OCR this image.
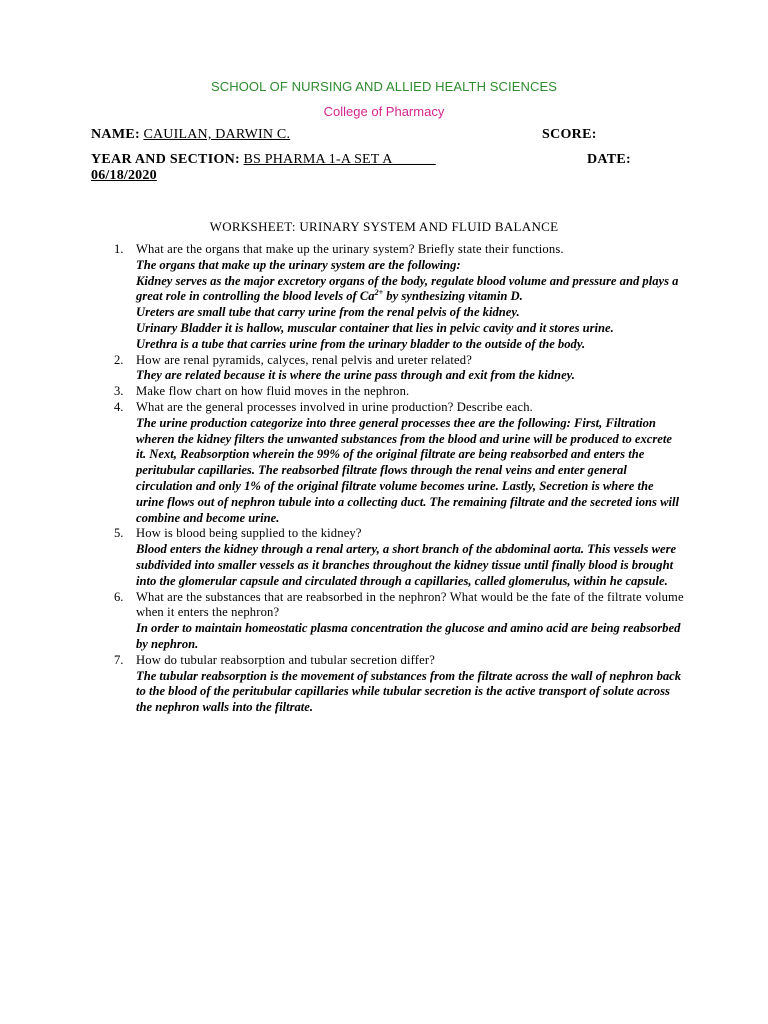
SCHOOL OF NURSING AND ALLIED HEALTH SCIENCES
College of Pharmacy
NAME: CAUILAN, DARWIN C.	SCORE:
YEAR AND SECTION: BS PHARMA 1-A SET A______	DATE:
06/18/2020
WORKSHEET: URINARY SYSTEM AND FLUID BALANCE
1. What are the organs that make up the urinary system? Briefly state their functions.
The organs that make up the urinary system are the following:
Kidney serves as the major excretory organs of the body, regulate blood volume and pressure and plays a great role in controlling the blood levels of $Ca^{2+}$ by synthesizing vitamin D.
Ureters are small tube that carry urine from the renal pelvis of the kidney.
Urinary Bladder it is hallow, muscular container that lies in pelvic cavity and it stores urine.
Urethra is a tube that carries urine from the urinary bladder to the outside of the body.
2. How are renal pyramids, calyces, renal pelvis and ureter related?
They are related because it is where the urine pass through and exit from the kidney.
3. Make flow chart on how fluid moves in the nephron.
4. What are the general processes involved in urine production? Describe each.
The urine production categorize into three general processes thee are the following: First, Filtration wheren the kidney filters the unwanted substances from the blood and urine will be produced to excrete it. Next, Reabsorption wherein the 99% of the original filtrate are being reabsorbed and enters the peritubular capillaries. The reabsorbed filtrate flows through the renal veins and enter general circulation and only 1% of the original filtrate volume becomes urine. Lastly, Secretion is where the urine flows out of nephron tubule into a collecting duct. The remaining filtrate and the secreted ions will combine and become urine.
5. How is blood being supplied to the kidney?
Blood enters the kidney through a renal artery, a short branch of the abdominal aorta. This vessels were subdivided into smaller vessels as it branches throughout the kidney tissue until finally blood is brought into the glomerular capsule and circulated through a capillaries, called glomerulus, within he capsule.
6. What are the substances that are reabsorbed in the nephron? What would be the fate of the filtrate volume when it enters the nephron?
In order to maintain homeostatic plasma concentration the glucose and amino acid are being reabsorbed by nephron.
7. How do tubular reabsorption and tubular secretion differ?
The tubular reabsorption is the movement of substances from the filtrate across the wall of nephron back to the blood of the peritubular capillaries while tubular secretion is the active transport of solute across the nephron walls into the filtrate.
